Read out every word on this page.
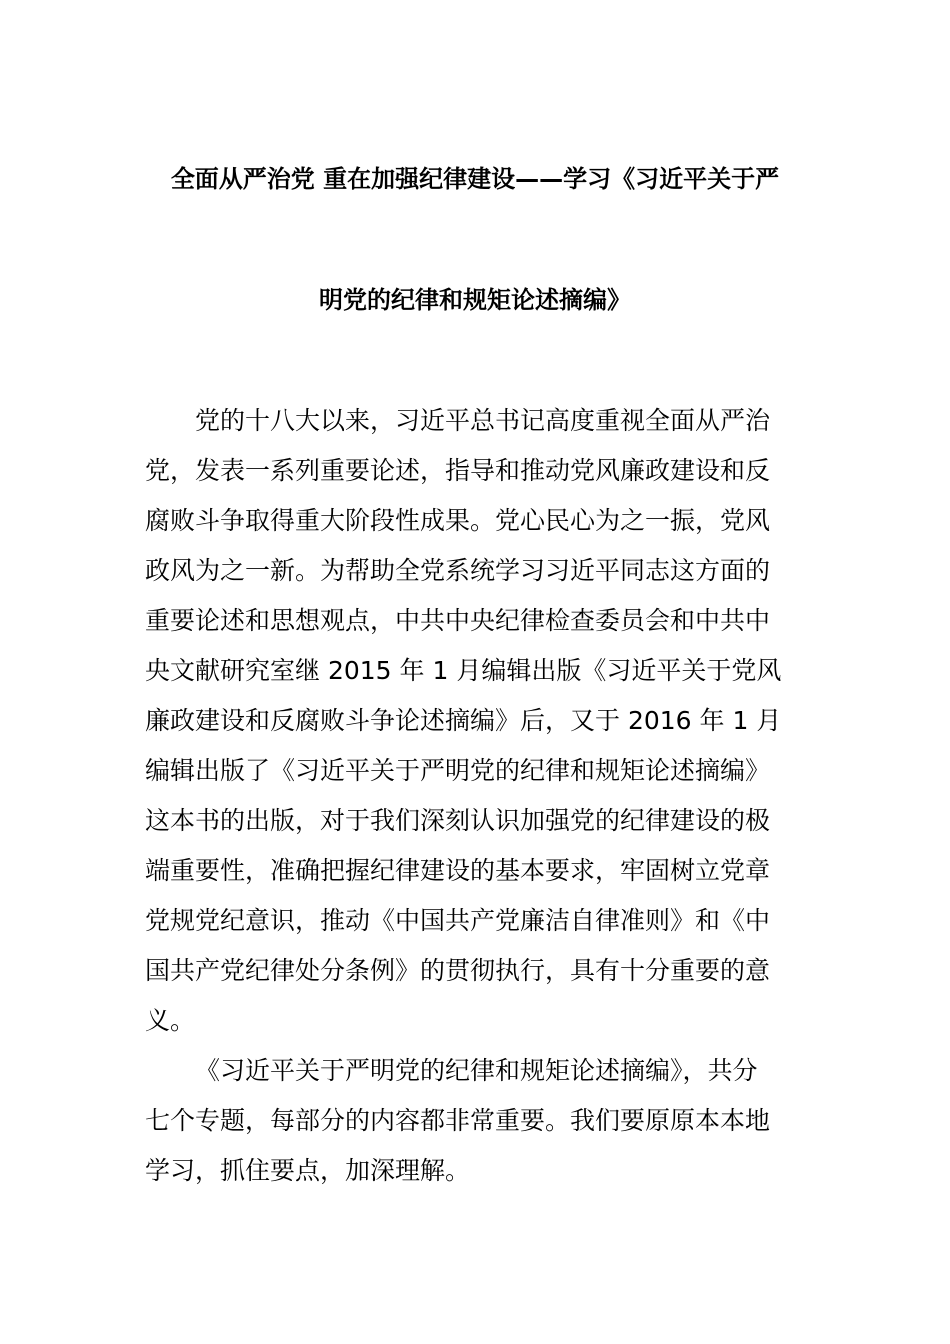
全面从严治党 重在加强纪律建设——学习《习近平关于严
明党的纪律和规矩论述摘编》
党的十八大以来，习近平总书记高度重视全面从严治
党，发表一系列重要论述，指导和推动党风廉政建设和反
腐败斗争取得重大阶段性成果。党心民心为之一振，党风
政风为之一新。为帮助全党系统学习习近平同志这方面的
重要论述和思想观点，中共中央纪律检查委员会和中共中
央文献研究室继 2015 年 1 月编辑出版《习近平关于党风
廉政建设和反腐败斗争论述摘编》后，又于 2016 年 1 月
编辑出版了《习近平关于严明党的纪律和规矩论述摘编》
这本书的出版，对于我们深刻认识加强党的纪律建设的极
端重要性，准确把握纪律建设的基本要求，牢固树立党章
党规党纪意识，推动《中国共产党廉洁自律准则》和《中
国共产党纪律处分条例》的贯彻执行，具有十分重要的意
义。
《习近平关于严明党的纪律和规矩论述摘编》，共分
七个专题，每部分的内容都非常重要。我们要原原本本地
学习，抓住要点，加深理解。
